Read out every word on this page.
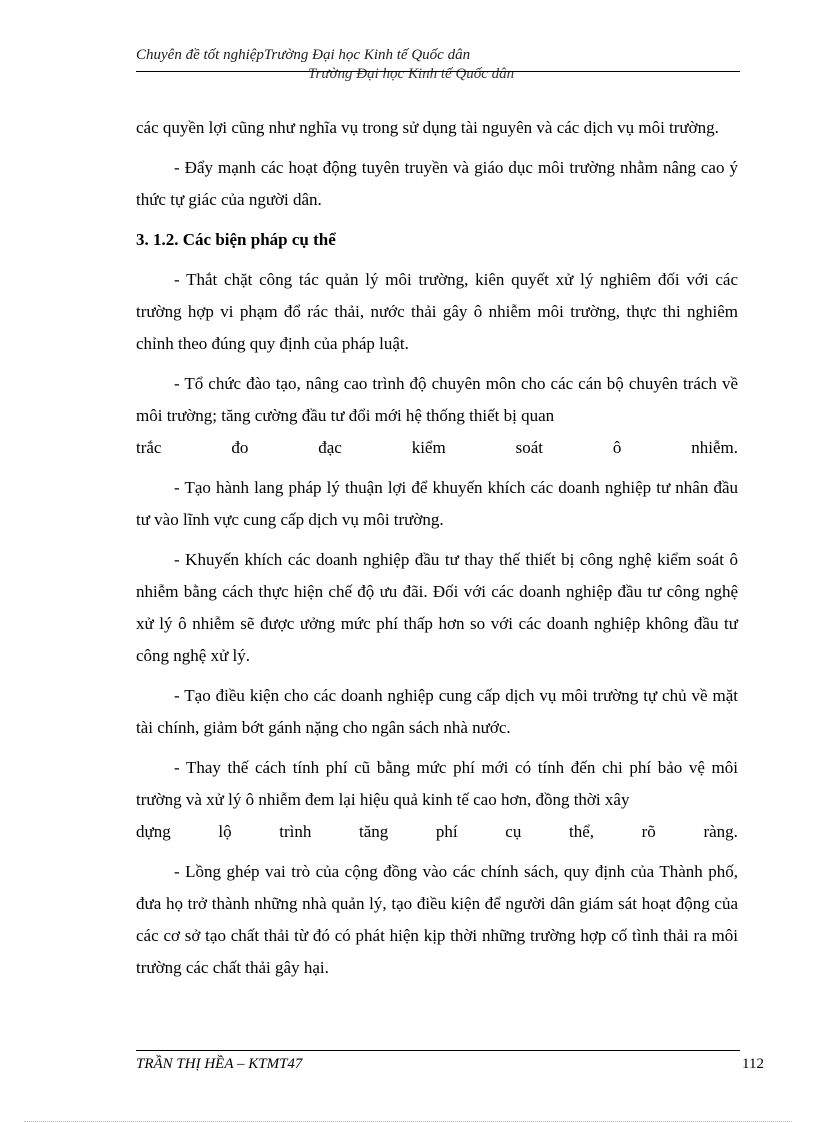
Chuyên đề tốt nghiệpTrường Đại học Kinh tế Quốc dân
Trường Đại học Kinh tế Quốc dân

các quyền lợi cũng như nghĩa vụ trong sử dụng tài nguyên và các dịch vụ môi trường.

- Đẩy mạnh các hoạt động tuyên truyền và giáo dục môi trường nhằm nâng cao ý thức tự giác của người dân.

3. 1.2. Các biện pháp cụ thể

- Thắt chặt công tác quản lý môi trường, kiên quyết xử lý nghiêm đối với các trường hợp vi phạm đổ rác thải, nước thải gây ô nhiễm môi trường, thực thi nghiêm chỉnh theo đúng quy định của pháp luật.

- Tổ chức đào tạo, nâng cao trình độ chuyên môn cho các cán bộ chuyên trách về môi trường; tăng cường đầu tư đổi mới hệ thống thiết bị quan

trắc	đo	đạc	kiểm	soát	ô	nhiễm.

- Tạo hành lang pháp lý thuận lợi để khuyến khích các doanh nghiệp tư nhân đầu tư vào lĩnh vực cung cấp dịch vụ môi trường.

- Khuyến khích các doanh nghiệp đầu tư thay thế thiết bị công nghệ kiểm soát ô nhiễm bằng cách thực hiện chế độ ưu đãi. Đối với các doanh nghiệp đầu tư công nghệ xử lý ô nhiễm sẽ được ưởng mức phí thấp hơn so với các doanh nghiệp không đầu tư công nghệ xử lý.

- Tạo điều kiện cho các doanh nghiệp cung cấp dịch vụ môi trường tự chủ về mặt tài chính, giảm bớt gánh nặng cho ngân sách nhà nước.

- Thay thế cách tính phí cũ bằng mức phí mới có tính đến chi phí bảo vệ môi trường và xử lý ô nhiễm đem lại hiệu quả kinh tế cao hơn, đồng thời xây

dựng	lộ	trình	tăng	phí	cụ	thể,	rõ	ràng.

- Lồng ghép vai trò của cộng đồng vào các chính sách, quy định của Thành phố, đưa họ trở thành những nhà quản lý, tạo điều kiện để người dân giám sát hoạt động của các cơ sở tạo chất thải từ đó có phát hiện kịp thời những trường hợp cố tình thải ra môi trường các chất thải gây hại.

TRẦN THỊ HỀA – KTMT47	112
